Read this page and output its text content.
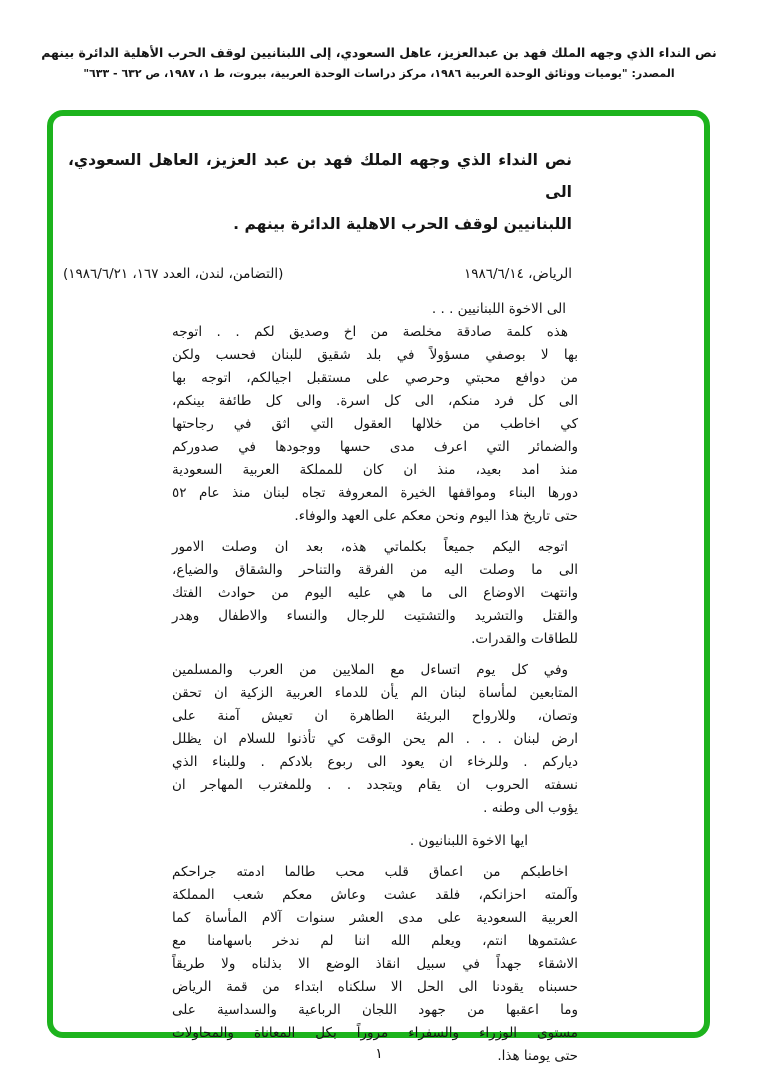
نص النداء الذي وجهه الملك فهد بن عبدالعزيز، عاهل السعودي، إلى اللبنانيين لوقف الحرب الأهلية الدائرة بينهم
المصدر: "يوميات ووثائق الوحدة العربية ١٩٨٦، مركز دراسات الوحدة العربية، بيروت، ط ١، ١٩٨٧، ص ٦٣٢ - ٦٣٣"
نص النداء الذي وجهه الملك فهد بن عبد العزيز، العاهل السعودي، الى
اللبنانيين لوقف الحرب الاهلية الدائرة بينهم .
الرياض، ١٩٨٦/٦/١٤
(التضامن، لندن، العدد ١٦٧، ١٩٨٦/٦/٢١)
الى الاخوة اللبنانيين . . .
هذه كلمة صادقة مخلصة من اخ وصديق لكم . . اتوجه
بها لا بوصفي مسؤولاً في بلد شقيق للبنان فحسب ولكن
من دوافع محبتي وحرصي على مستقبل اجيالكم، اتوجه بها
الى كل فرد منكم، الى كل اسرة. والى كل طائفة بينكم،
كي اخاطب من خلالها العقول التي اثق في رجاحتها
والضمائر التي اعرف مدى حسها ووجودها في صدوركم
منذ امد بعيد، منذ ان كان للمملكة العربية السعودية
دورها البناء ومواقفها الخيرة المعروفة تجاه لبنان منذ عام ٥٢
حتى تاريخ هذا اليوم ونحن معكم على العهد والوفاء.
اتوجه اليكم جميعاً بكلماتي هذه، بعد ان وصلت الامور
الى ما وصلت اليه من الفرقة والتناحر والشقاق والضياع،
وانتهت الاوضاع الى ما هي عليه اليوم من حوادث الفتك
والقتل والتشريد والتشتيت للرجال والنساء والاطفال وهدر
للطاقات والقدرات.
وفي كل يوم اتساءل مع الملايين من العرب والمسلمين
المتابعين لمأساة لبنان الم يأن للدماء العربية الزكية ان تحقن
وتصان، وللارواح البريئة الطاهرة ان تعيش آمنة على
ارض لبنان . . . الم يحن الوقت كي تأذنوا للسلام ان يظلل
دياركم . وللرخاء ان يعود الى ربوع بلادكم . وللبناء الذي
نسفته الحروب ان يقام ويتجدد . . وللمغترب المهاجر ان
يؤوب الى وطنه .
ايها الاخوة اللبنانيون .
اخاطبكم من اعماق قلب محب طالما ادمته جراحكم
وآلمته احزانكم، فلقد عشت وعاش معكم شعب المملكة
العربية السعودية على مدى العشر سنوات آلام المأساة كما
عشتموها انتم، ويعلم الله اننا لم ندخر باسهامنا مع
الاشقاء جهداً في سبيل انقاذ الوضع الا بذلناه ولا طريقاً
حسبناه يقودنا الى الحل الا سلكناه ابتداء من قمة الرياض
وما اعقبها من جهود اللجان الرباعية والسداسية على
مستوى الوزراء والسفراء مروراً بكل المعاناة والمحاولات
حتى يومنا هذا.
١
